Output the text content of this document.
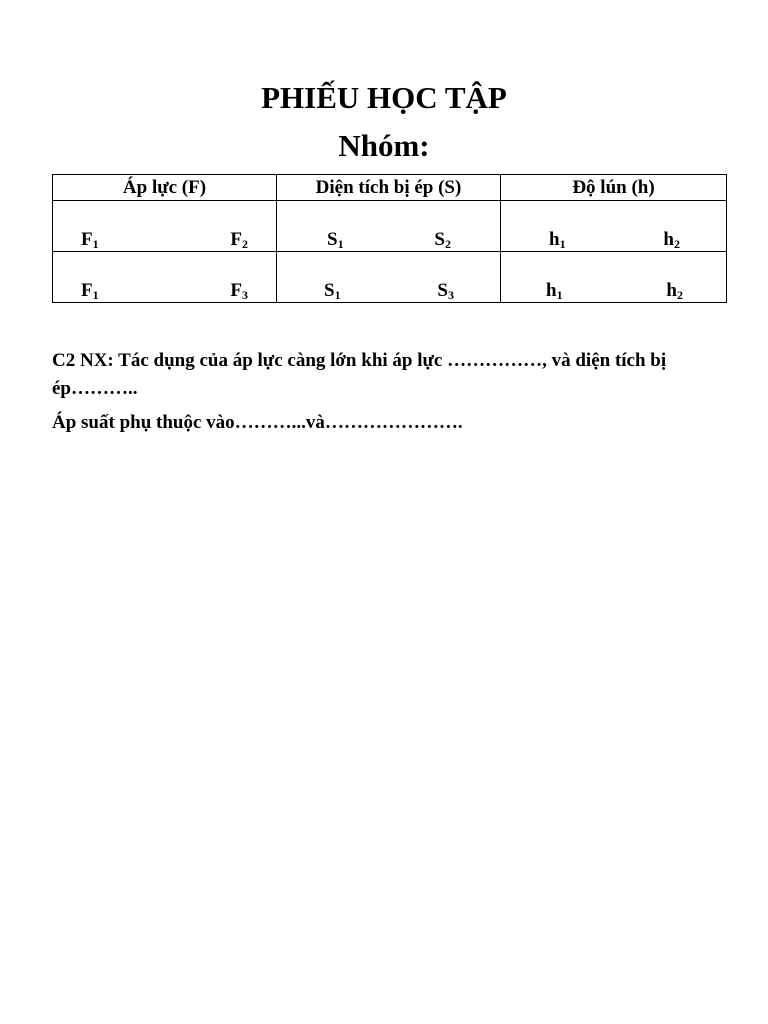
PHIẾU HỌC TẬP
Nhóm:
Áp lực (F)	Diện tích bị ép (S)	Độ lún (h)

$F_1$ $F_2$	$S_1$ $S_2$	$h_1$ $h_2$

$F_1$ $F_3$	$S_1$ $S_3$	$h_1$ $h_2$

C2 NX: Tác dụng của áp lực càng lớn khi áp lực ……………, và diện tích bị ép………..

Áp suất phụ thuộc vào………...và………………….
